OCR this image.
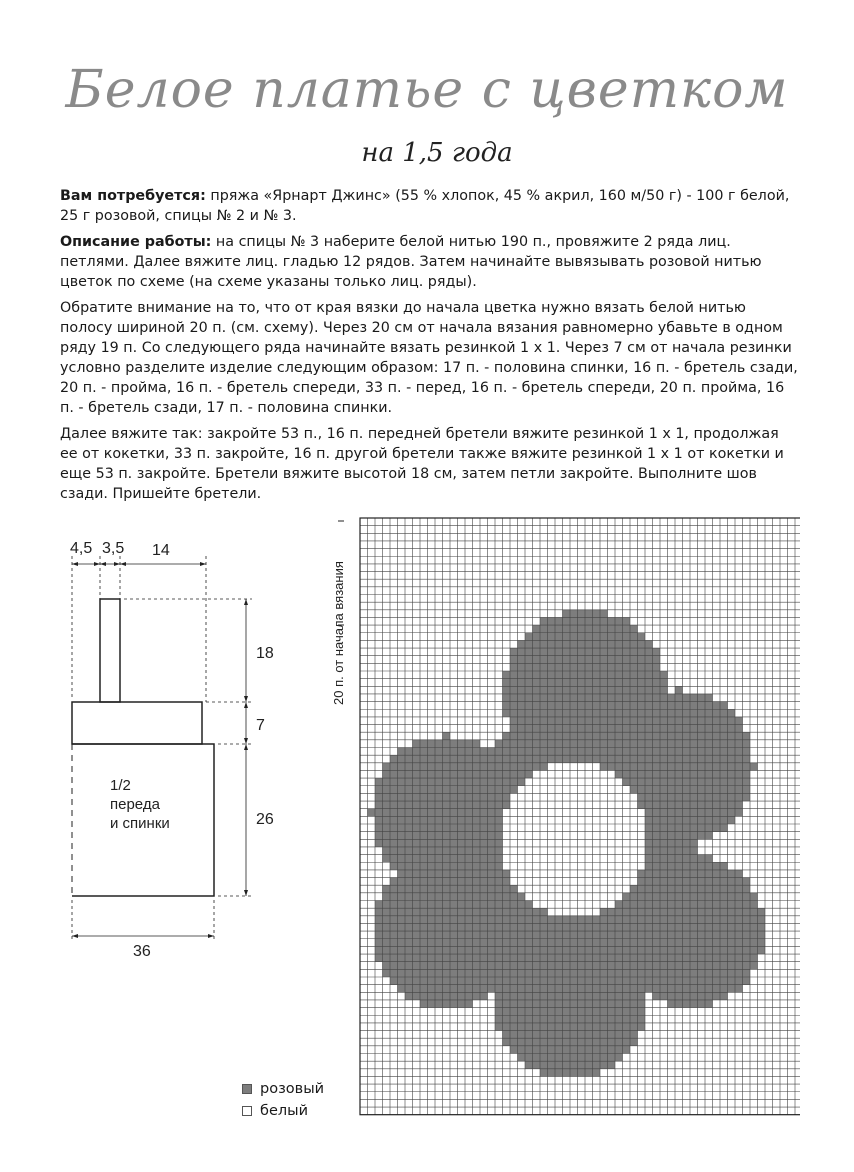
Белое платье с цветком
на 1,5 года

Вам потребуется: пряжа «Ярнарт Джинс» (55 % хлопок, 45 % акрил, 160 м/50 г) - 100 г белой, 25 г розовой, спицы № 2 и № 3.

Описание работы: на спицы № 3 наберите белой нитью 190 п., провяжите 2 ряда лиц. петлями. Далее вяжите лиц. гладью 12 рядов. Затем начинайте вывязывать розовой нитью цветок по схеме (на схеме указаны только лиц. ряды).

Обратите внимание на то, что от края вязки до начала цветка нужно вязать белой нитью полосу шириной 20 п. (см. схему). Через 20 см от начала вязания равномерно убавьте в одном ряду 19 п. Со следующего ряда начинайте вязать резинкой 1 х 1. Через 7 см от начала резинки условно разделите изделие следующим образом: 17 п. - половина спинки, 16 п. - бретель сзади, 20 п. - пройма, 16 п. - бретель спереди, 33 п. - перед, 16 п. - бретель спереди, 20 п. пройма, 16 п. - бретель сзади, 17 п. - половина спинки.

Далее вяжите так: закройте 53 п., 16 п. передней бретели вяжите резинкой 1 х 1, продолжая ее от кокетки, 33 п. закройте, 16 п. другой бретели также вяжите резинкой 1 х 1 от кокетки и еще 53 п. закройте. Бретели вяжите высотой 18 см, затем петли закройте. Выполните шов сзади. Пришейте бретели.

4,5 3,5 14
18
7
26
36
1/2
переда
и спинки
20 п. от начала вязания
розовый
белый
